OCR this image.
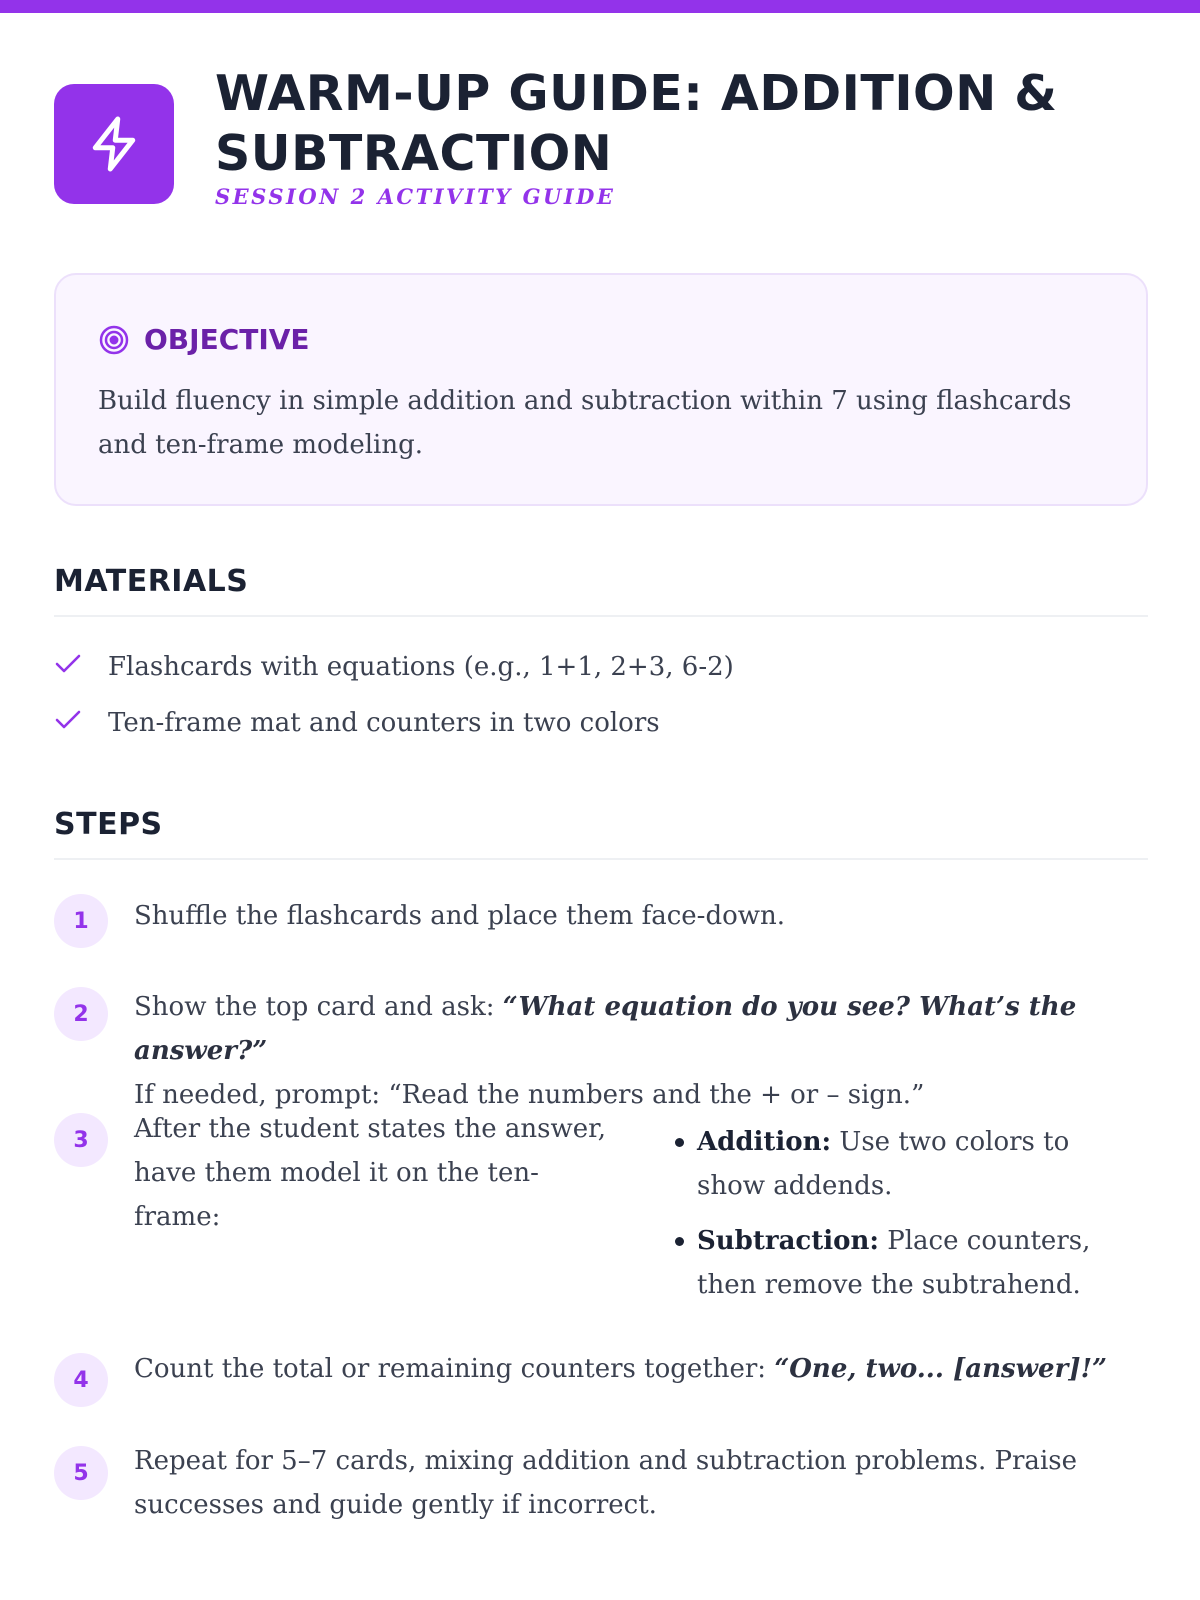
WARM-UP GUIDE: ADDITION &
SUBTRACTION
SESSION 2 ACTIVITY GUIDE
OBJECTIVE
Build fluency in simple addition and subtraction within 7 using flashcards and ten-frame modeling.
MATERIALS
Flashcards with equations (e.g., 1+1, 2+3, 6-2)
Ten-frame mat and counters in two colors
STEPS
1	Shuffle the flashcards and place them face-down.
2	Show the top card and ask: “What equation do you see? What’s the answer?”
If needed, prompt: “Read the numbers and the + or – sign.”
3	After the student states the answer, have them model it on the ten-frame:
Addition: Use two colors to show addends.
Subtraction: Place counters, then remove the subtrahend.
4	Count the total or remaining counters together: “One, two... [answer]!”
5	Repeat for 5–7 cards, mixing addition and subtraction problems. Praise successes and guide gently if incorrect.
